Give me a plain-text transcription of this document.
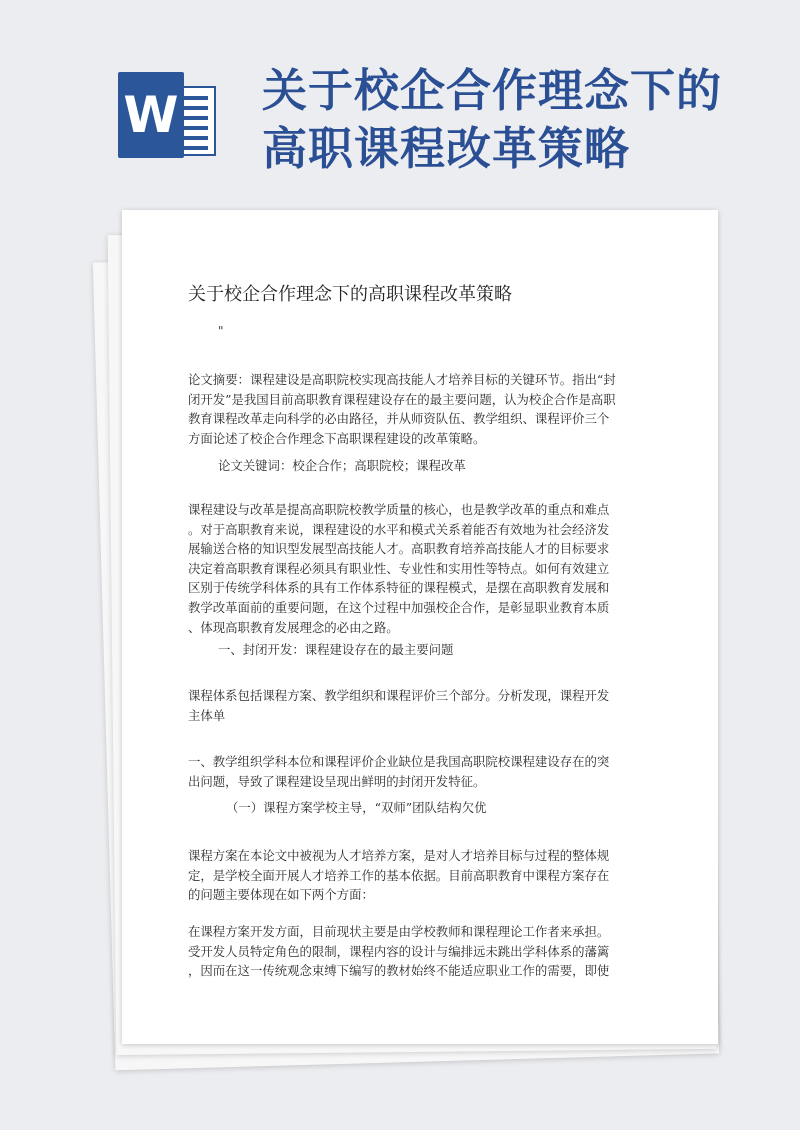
W 关于校企合作理念下的
高职课程改革策略
关于校企合作理念下的高职课程改革策略
"
论文摘要：课程建设是高职院校实现高技能人才培养目标的关键环节。指出“封
闭开发”是我国目前高职教育课程建设存在的最主要问题，认为校企合作是高职
教育课程改革走向科学的必由路径，并从师资队伍、教学组织、课程评价三个
方面论述了校企合作理念下高职课程建设的改革策略。
论文关键词：校企合作；高职院校；课程改革
课程建设与改革是提高高职院校教学质量的核心，也是教学改革的重点和难点
。对于高职教育来说，课程建设的水平和模式关系着能否有效地为社会经济发
展输送合格的知识型发展型高技能人才。高职教育培养高技能人才的目标要求
决定着高职教育课程必须具有职业性、专业性和实用性等特点。如何有效建立
区别于传统学科体系的具有工作体系特征的课程模式，是摆在高职教育发展和
教学改革面前的重要问题，在这个过程中加强校企合作，是彰显职业教育本质
、体现高职教育发展理念的必由之路。
一、封闭开发：课程建设存在的最主要问题
课程体系包括课程方案、教学组织和课程评价三个部分。分析发现，课程开发
主体单
一、教学组织学科本位和课程评价企业缺位是我国高职院校课程建设存在的突
出问题，导致了课程建设呈现出鲜明的封闭开发特征。
（一）课程方案学校主导，“双师”团队结构欠优
课程方案在本论文中被视为人才培养方案，是对人才培养目标与过程的整体规
定，是学校全面开展人才培养工作的基本依据。目前高职教育中课程方案存在
的问题主要体现在如下两个方面：
在课程方案开发方面，目前现状主要是由学校教师和课程理论工作者来承担。
受开发人员特定角色的限制，课程内容的设计与编排远未跳出学科体系的藩篱
，因而在这一传统观念束缚下编写的教材始终不能适应职业工作的需要，即使
